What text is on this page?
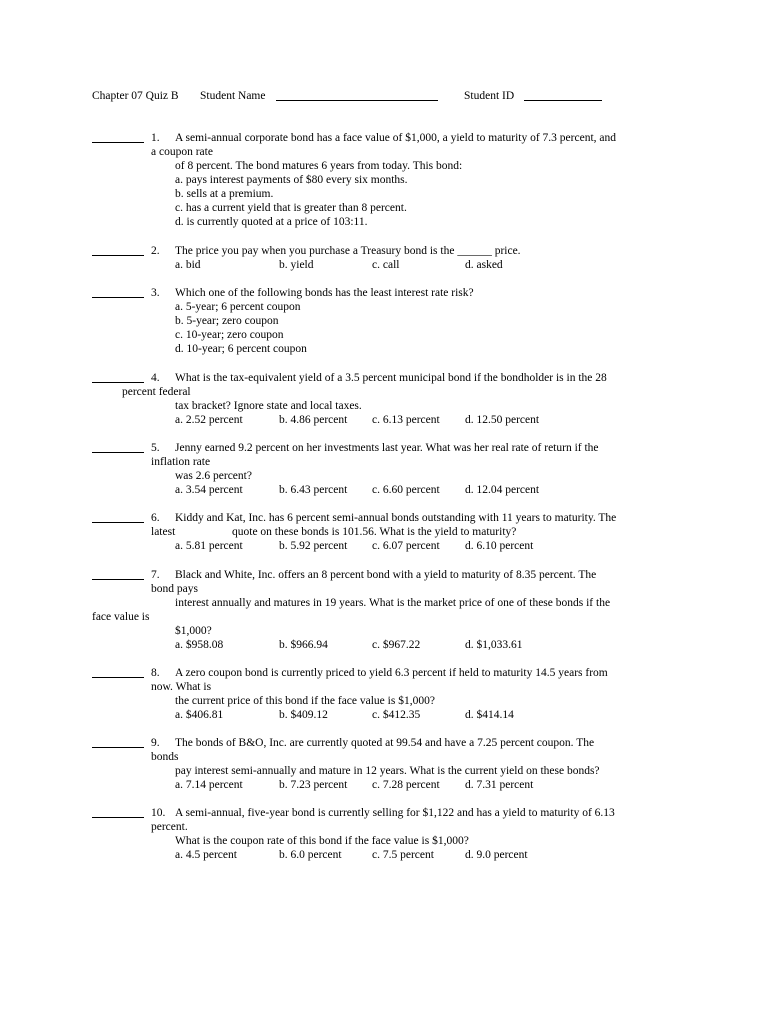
Chapter 07 Quiz B Student Name	Student ID
1. A semi-annual corporate bond has a face value of $1,000, a yield to maturity of 7.3 percent, and
a coupon rate
of 8 percent. The bond matures 6 years from today. This bond:
a. pays interest payments of $80 every six months.
b. sells at a premium.
c. has a current yield that is greater than 8 percent.
d. is currently quoted at a price of 103:11.
2. The price you pay when you purchase a Treasury bond is the ______ price.
a. bid	b. yield	c. call	d. asked
3. Which one of the following bonds has the least interest rate risk?
a. 5-year; 6 percent coupon
b. 5-year; zero coupon
c. 10-year; zero coupon
d. 10-year; 6 percent coupon
4. What is the tax-equivalent yield of a 3.5 percent municipal bond if the bondholder is in the 28
percent federal
tax bracket? Ignore state and local taxes.
a. 2.52 percent	b. 4.86 percent c. 6.13 percent d. 12.50 percent
5. Jenny earned 9.2 percent on her investments last year. What was her real rate of return if the
inflation rate
was 2.6 percent?
a. 3.54 percent	b. 6.43 percent c. 6.60 percent d. 12.04 percent
6. Kiddy and Kat, Inc. has 6 percent semi-annual bonds outstanding with 11 years to maturity. The
latest	quote on these bonds is 101.56. What is the yield to maturity?
a. 5.81 percent	b. 5.92 percent c. 6.07 percent d. 6.10 percent
7. Black and White, Inc. offers an 8 percent bond with a yield to maturity of 8.35 percent. The
bond pays
interest annually and matures in 19 years. What is the market price of one of these bonds if the
face value is
$1,000?
a. $958.08	b. $966.94	c. $967.22	d. $1,033.61
8. A zero coupon bond is currently priced to yield 6.3 percent if held to maturity 14.5 years from
now. What is
the current price of this bond if the face value is $1,000?
a. $406.81	b. $409.12	c. $412.35	d. $414.14
9. The bonds of B&O, Inc. are currently quoted at 99.54 and have a 7.25 percent coupon. The
bonds
pay interest semi-annually and mature in 12 years. What is the current yield on these bonds?
a. 7.14 percent	b. 7.23 percent c. 7.28 percent d. 7.31 percent
10. A semi-annual, five-year bond is currently selling for $1,122 and has a yield to maturity of 6.13
percent.
What is the coupon rate of this bond if the face value is $1,000?
a. 4.5 percent	b. 6.0 percent	c. 7.5 percent	d. 9.0 percent
